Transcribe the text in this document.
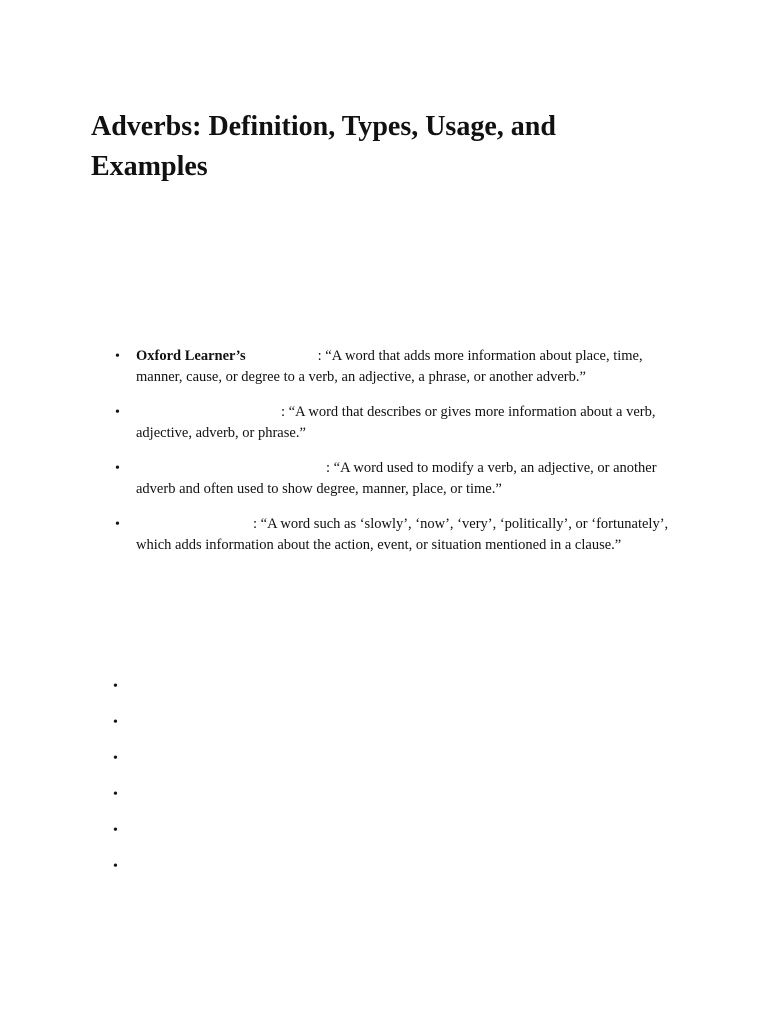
Adverbs: Definition, Types, Usage, and Examples
• Oxford Learner’s	: “A word that adds more information about place, time, manner, cause, or degree to a verb, an adjective, a phrase, or another adverb.”
•	: “A word that describes or gives more information about a verb, adjective, adverb, or phrase.”
•	: “A word used to modify a verb, an adjective, or another adverb and often used to show degree, manner, place, or time.”
•	: “A word such as ‘slowly’, ‘now’, ‘very’, ‘politically’, or ‘fortunately’, which adds information about the action, event, or situation mentioned in a clause.”
•
•
•
•
•
•
